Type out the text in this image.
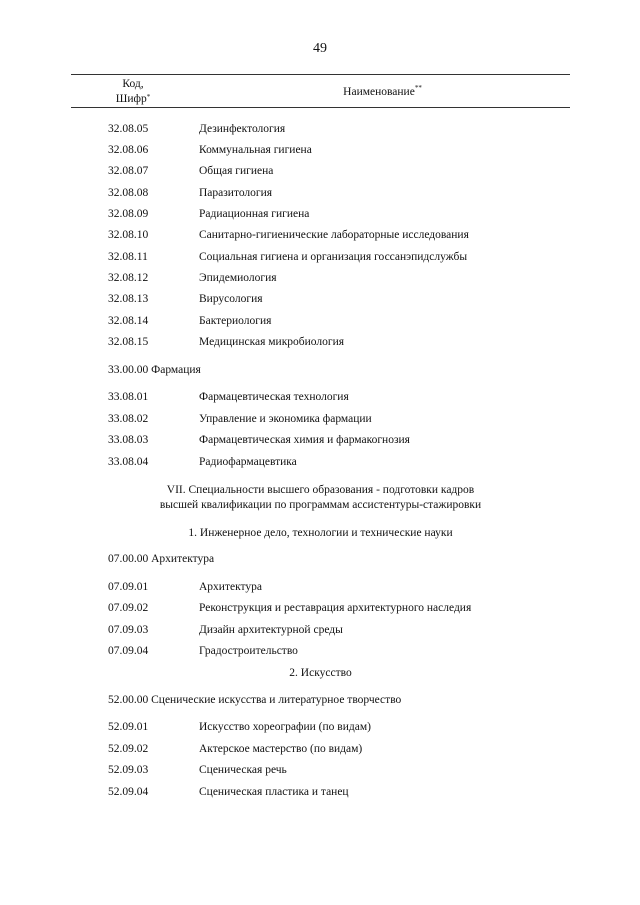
49
Код,
Шифр*	Наименование**
32.08.05	Дезинфектология
32.08.06	Коммунальная гигиена
32.08.07	Общая гигиена
32.08.08	Паразитология
32.08.09	Радиационная гигиена
32.08.10	Санитарно-гигиенические лабораторные исследования
32.08.11	Социальная гигиена и организация госсанэпидслужбы
32.08.12	Эпидемиология
32.08.13	Вирусология
32.08.14	Бактериология
32.08.15	Медицинская микробиология
33.00.00 Фармация
33.08.01	Фармацевтическая технология
33.08.02	Управление и экономика фармации
33.08.03	Фармацевтическая химия и фармакогнозия
33.08.04	Радиофармацевтика
VII. Специальности высшего образования - подготовки кадров
высшей квалификации по программам ассистентуры-стажировки
1. Инженерное дело, технологии и технические науки
07.00.00 Архитектура
07.09.01	Архитектура
07.09.02	Реконструкция и реставрация архитектурного наследия
07.09.03	Дизайн архитектурной среды
07.09.04	Градостроительство
2. Искусство
52.00.00 Сценические искусства и литературное творчество
52.09.01	Искусство хореографии (по видам)
52.09.02	Актерское мастерство (по видам)
52.09.03	Сценическая речь
52.09.04	Сценическая пластика и танец
